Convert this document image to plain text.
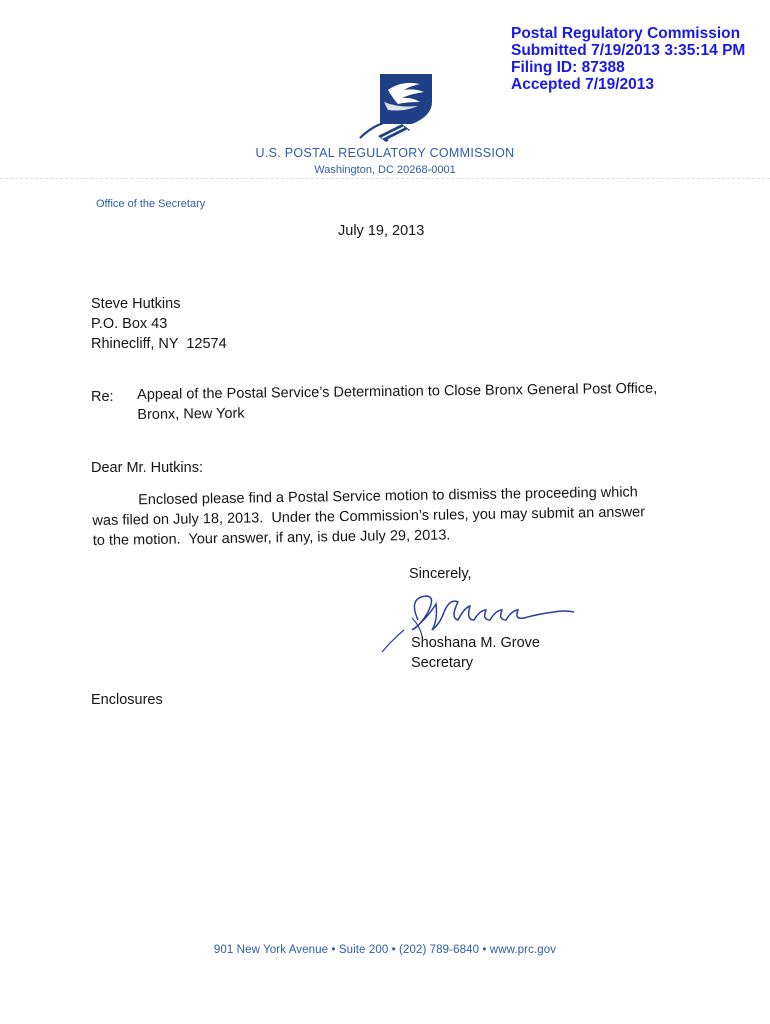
Postal Regulatory Commission
Submitted 7/19/2013 3:35:14 PM
Filing ID: 87388
Accepted 7/19/2013
U.S. POSTAL REGULATORY COMMISSION
Washington, DC 20268-0001
Office of the Secretary
July 19, 2013
Steve Hutkins
P.O. Box 43
Rhinecliff, NY  12574
Re: Appeal of the Postal Service’s Determination to Close Bronx General Post Office,
Bronx, New York
Dear Mr. Hutkins:
Enclosed please find a Postal Service motion to dismiss the proceeding which
was filed on July 18, 2013.  Under the Commission’s rules, you may submit an answer
to the motion.  Your answer, if any, is due July 29, 2013.
Sincerely,
Shoshana M. Grove
Secretary
Enclosures
901 New York Avenue • Suite 200 • (202) 789-6840 • www.prc.gov
